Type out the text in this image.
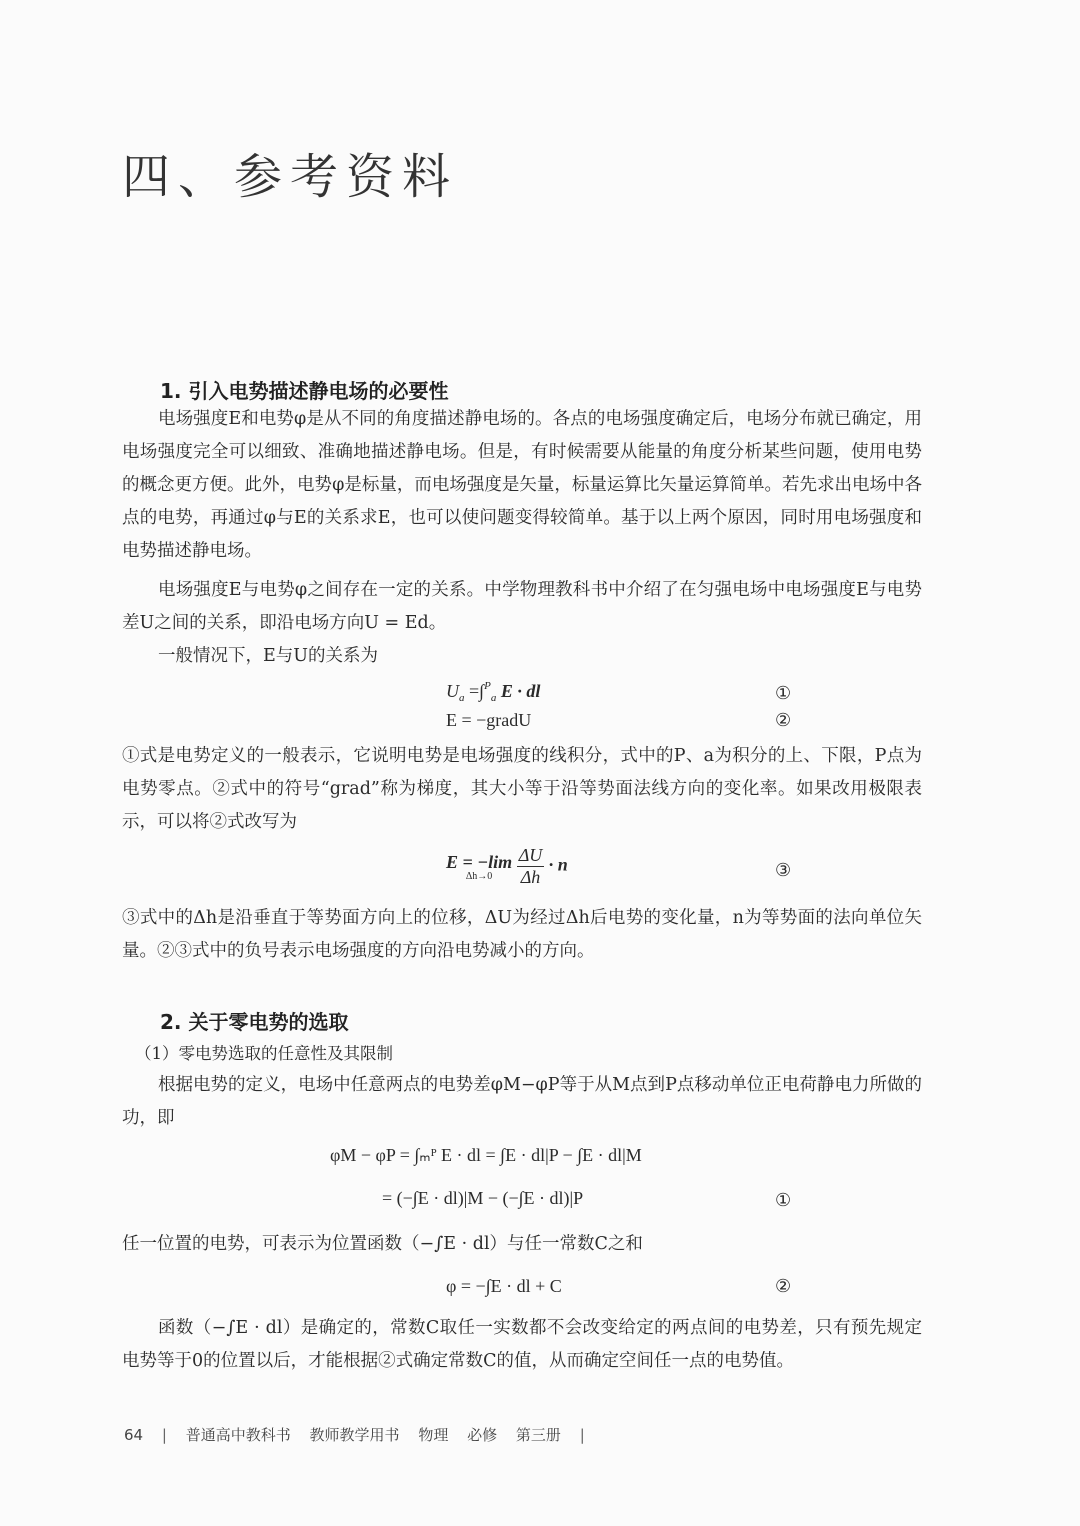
四、参考资料
1. 引入电势描述静电场的必要性

电场强度E和电势φ是从不同的角度描述静电场的。各点的电场强度确定后，电场分布就已确定，用电场强度完全可以细致、准确地描述静电场。但是，有时候需要从能量的角度分析某些问题，使用电势的概念更方便。此外，电势φ是标量，而电场强度是矢量，标量运算比矢量运算简单。若先求出电场中各点的电势，再通过φ与E的关系求E，也可以使问题变得较简单。基于以上两个原因，同时用电场强度和电势描述静电场。

电场强度E与电势φ之间存在一定的关系。中学物理教科书中介绍了在匀强电场中电场强度E与电势差U之间的关系，即沿电场方向U = Ed。

一般情况下，E与U的关系为

$U_a =\int^P_a$ E · dl	①
E = −gradU	②

①式是电势定义的一般表示，它说明电势是电场强度的线积分，式中的P、a为积分的上、下限，P点为电势零点。②式中的符号“grad”称为梯度，其大小等于沿等势面法线方向的变化率。如果改用极限表示，可以将②式改写为

E = −lim
Δh→0
	$\frac{\Delta U}{\Delta h} \cdot n$	③

③式中的Δh是沿垂直于等势面方向上的位移，ΔU为经过Δh后电势的变化量，n为等势面的法向单位矢量。②③式中的负号表示电场强度的方向沿电势减小的方向。

2. 关于零电势的选取
（1）零电势选取的任意性及其限制

根据电势的定义，电场中任意两点的电势差φM−φP等于从M点到P点移动单位正电荷静电力所做的功，即

φM − φP = ∫ₘᴾ E · dl = ∫E · dl|P − ∫E · dl|M
= (−∫E · dl)|M − (−∫E · dl)|P	①

任一位置的电势，可表示为位置函数（−∫E · dl）与任一常数C之和

φ = −∫E · dl + C	②

函数（−∫E · dl）是确定的，常数C取任一实数都不会改变给定的两点间的电势差，只有预先规定电势等于0的位置以后，才能根据②式确定常数C的值，从而确定空间任一点的电势值。

64 | 普通高中教科书 教师教学用书 物理 必修 第三册 |
